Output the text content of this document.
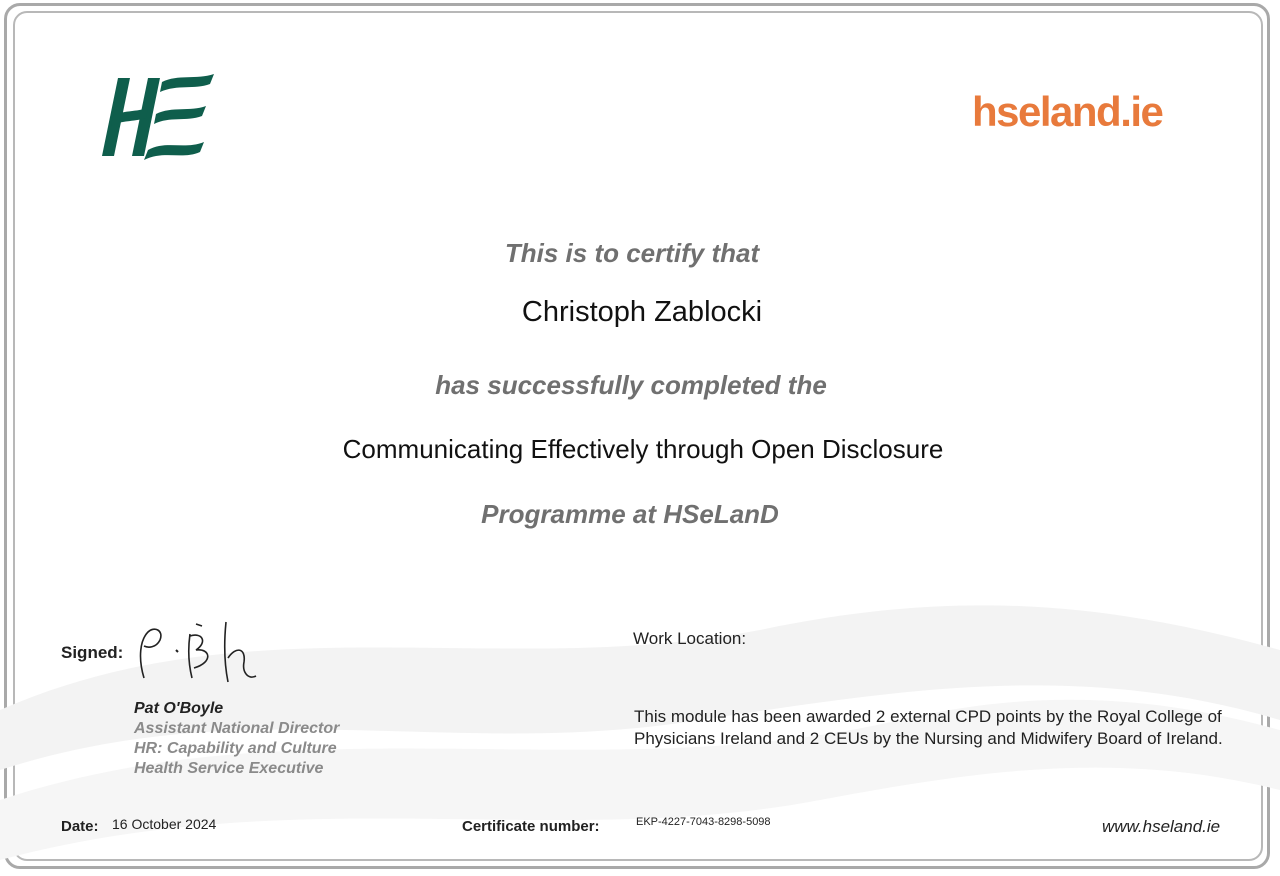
hseland.ie
This is to certify that
Christoph Zablocki
has successfully completed the
Communicating Effectively through Open Disclosure
Programme at HSeLanD
Signed:
Pat O'Boyle
Assistant National Director
HR: Capability and Culture
Health Service Executive
Work Location:
This module has been awarded 2 external CPD points by the Royal College of Physicians Ireland and 2 CEUs by the Nursing and Midwifery Board of Ireland.
Date: 16 October 2024	Certificate number:	EKP-4227-7043-8298-5098	www.hseland.ie
